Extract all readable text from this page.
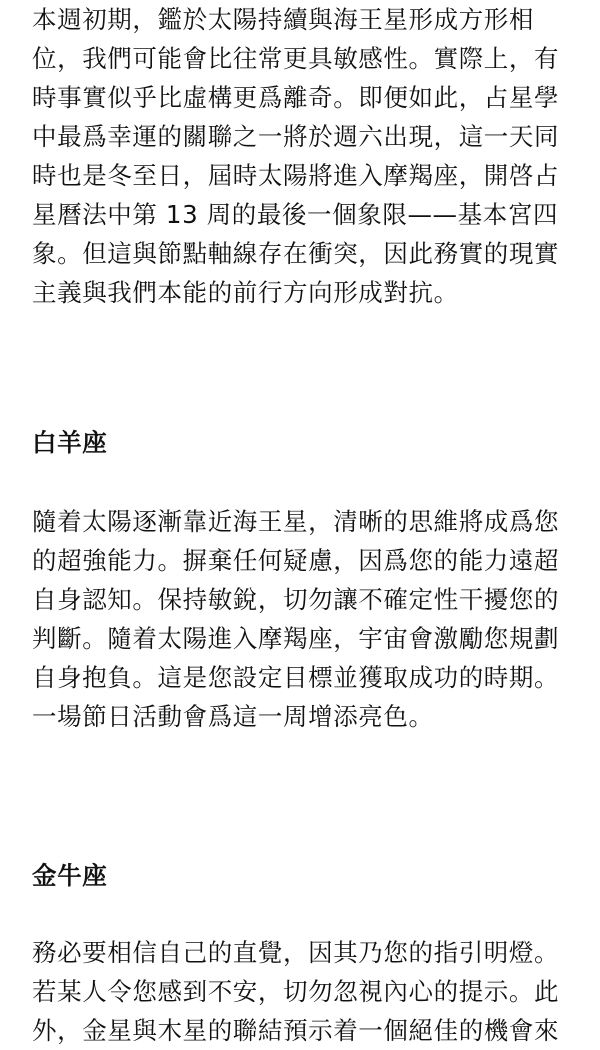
本週初期，鑑於太陽持續與海王星形成方形相
位，我們可能會比往常更具敏感性。實際上，有
時事實似乎比虛構更爲離奇。即便如此，占星學
中最爲幸運的關聯之一將於週六出現，這一天同
時也是冬至日，屆時太陽將進入摩羯座，開啓占
星曆法中第 13 周的最後一個象限——基本宮四
象。但這與節點軸線存在衝突，因此務實的現實
主義與我們本能的前行方向形成對抗。

白羊座

隨着太陽逐漸靠近海王星，清晰的思維將成爲您
的超強能力。摒棄任何疑慮，因爲您的能力遠超
自身認知。保持敏銳，切勿讓不確定性干擾您的
判斷。隨着太陽進入摩羯座，宇宙會激勵您規劃
自身抱負。這是您設定目標並獲取成功的時期。
一場節日活動會爲這一周增添亮色。

金牛座

務必要相信自己的直覺，因其乃您的指引明燈。
若某人令您感到不安，切勿忽視內心的提示。此
外，金星與木星的聯結預示着一個絕佳的機會來
